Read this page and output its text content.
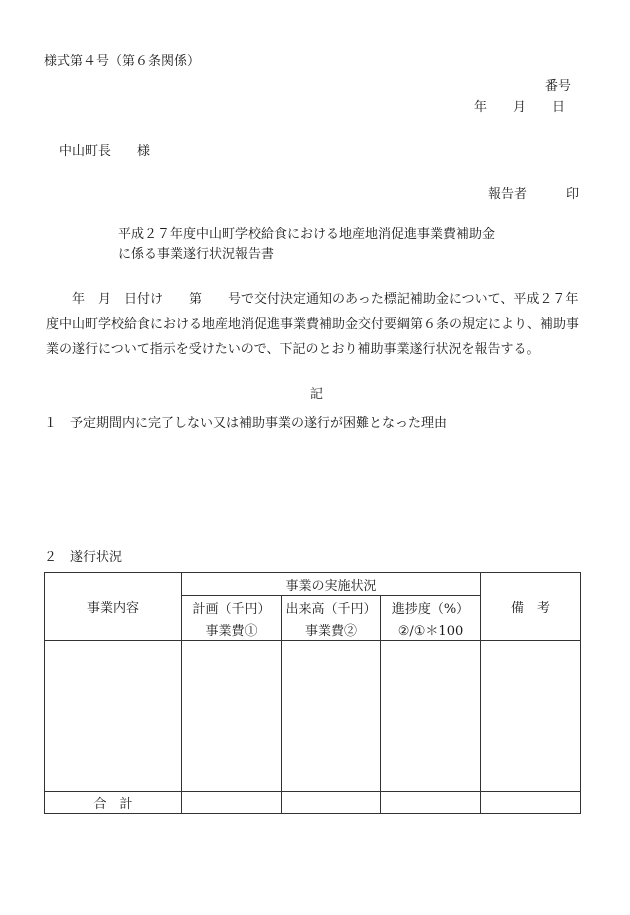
様式第４号（第６条関係）
番号
年　　月　　日
中山町長　　様
報告者　　　印
平成２７年度中山町学校給食における地産地消促進事業費補助金
に係る事業遂行状況報告書
年　月　日付け　　第　　号で交付決定通知のあった標記補助金について、平成２７年度中山町学校給食における地産地消促進事業費補助金交付要綱第６条の規定により、補助事業の遂行について指示を受けたいので、下記のとおり補助事業遂行状況を報告する。
記
１　予定期間内に完了しない又は補助事業の遂行が困難となった理由
２　遂行状況
事業内容	事業の実施状況			備　考
	計画（千円）	出来高（千円）	進捗度（%）	
	事業費①	事業費②	②/①＊100	

合　計				
